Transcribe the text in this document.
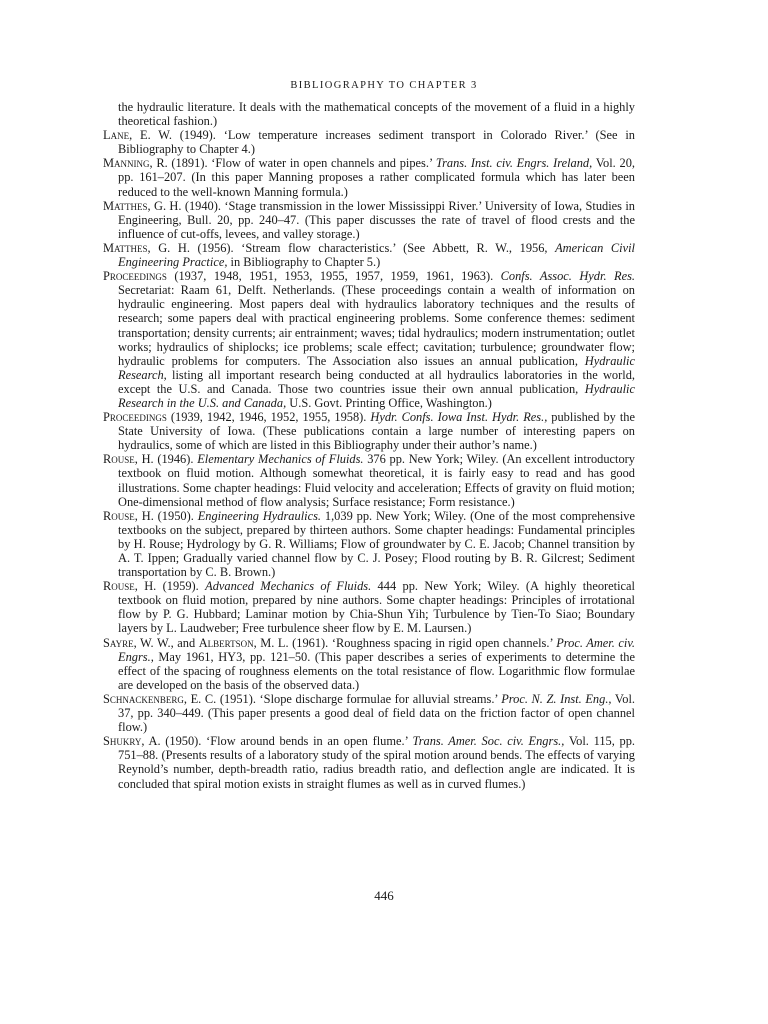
BIBLIOGRAPHY TO CHAPTER 3

the hydraulic literature. It deals with the mathematical concepts of the movement of a fluid in a highly theoretical fashion.)

Lane, E. W. (1949). ‘Low temperature increases sediment transport in Colorado River.’ (See in Bibliography to Chapter 4.)

Manning, R. (1891). ‘Flow of water in open channels and pipes.’ Trans. Inst. civ. Engrs. Ireland, Vol. 20, pp. 161–207. (In this paper Manning proposes a rather complicated formula which has later been reduced to the well-known Manning formula.)

Matthes, G. H. (1940). ‘Stage transmission in the lower Mississippi River.’ University of Iowa, Studies in Engineering, Bull. 20, pp. 240–47. (This paper discusses the rate of travel of flood crests and the influence of cut-offs, levees, and valley storage.)

Matthes, G. H. (1956). ‘Stream flow characteristics.’ (See Abbett, R. W., 1956, American Civil Engineering Practice, in Bibliography to Chapter 5.)

Proceedings (1937, 1948, 1951, 1953, 1955, 1957, 1959, 1961, 1963). Confs. Assoc. Hydr. Res. Secretariat: Raam 61, Delft. Netherlands. (These proceedings contain a wealth of information on hydraulic engineering. Most papers deal with hydraulics laboratory techniques and the results of research; some papers deal with practical engineering problems. Some conference themes: sediment transportation; density currents; air entrainment; waves; tidal hydraulics; modern instrumentation; outlet works; hydraulics of shiplocks; ice problems; scale effect; cavitation; turbulence; groundwater flow; hydraulic problems for computers. The Association also issues an annual publication, Hydraulic Research, listing all important research being conducted at all hydraulics laboratories in the world, except the U.S. and Canada. Those two countries issue their own annual publication, Hydraulic Research in the U.S. and Canada, U.S. Govt. Printing Office, Washington.)

Proceedings (1939, 1942, 1946, 1952, 1955, 1958). Hydr. Confs. Iowa Inst. Hydr. Res., published by the State University of Iowa. (These publications contain a large number of interesting papers on hydraulics, some of which are listed in this Bibliography under their author’s name.)

Rouse, H. (1946). Elementary Mechanics of Fluids. 376 pp. New York; Wiley. (An excellent introductory textbook on fluid motion. Although somewhat theoretical, it is fairly easy to read and has good illustrations. Some chapter headings: Fluid velocity and acceleration; Effects of gravity on fluid motion; One-dimensional method of flow analysis; Surface resistance; Form resistance.)

Rouse, H. (1950). Engineering Hydraulics. 1,039 pp. New York; Wiley. (One of the most comprehensive textbooks on the subject, prepared by thirteen authors. Some chapter headings: Fundamental principles by H. Rouse; Hydrology by G. R. Williams; Flow of groundwater by C. E. Jacob; Channel transition by A. T. Ippen; Gradually varied channel flow by C. J. Posey; Flood routing by B. R. Gilcrest; Sediment transportation by C. B. Brown.)

Rouse, H. (1959). Advanced Mechanics of Fluids. 444 pp. New York; Wiley. (A highly theoretical textbook on fluid motion, prepared by nine authors. Some chapter headings: Principles of irrotational flow by P. G. Hubbard; Laminar motion by Chia-Shun Yih; Turbulence by Tien-To Siao; Boundary layers by L. Laudweber; Free turbulence sheer flow by E. M. Laursen.)

Sayre, W. W., and Albertson, M. L. (1961). ‘Roughness spacing in rigid open channels.’ Proc. Amer. civ. Engrs., May 1961, HY3, pp. 121–50. (This paper describes a series of experiments to determine the effect of the spacing of roughness elements on the total resistance of flow. Logarithmic flow formulae are developed on the basis of the observed data.)

Schnackenberg, E. C. (1951). ‘Slope discharge formulae for alluvial streams.’ Proc. N. Z. Inst. Eng., Vol. 37, pp. 340–449. (This paper presents a good deal of field data on the friction factor of open channel flow.)

Shukry, A. (1950). ‘Flow around bends in an open flume.’ Trans. Amer. Soc. civ. Engrs., Vol. 115, pp. 751–88. (Presents results of a laboratory study of the spiral motion around bends. The effects of varying Reynold’s number, depth-breadth ratio, radius breadth ratio, and deflection angle are indicated. It is concluded that spiral motion exists in straight flumes as well as in curved flumes.)

446
